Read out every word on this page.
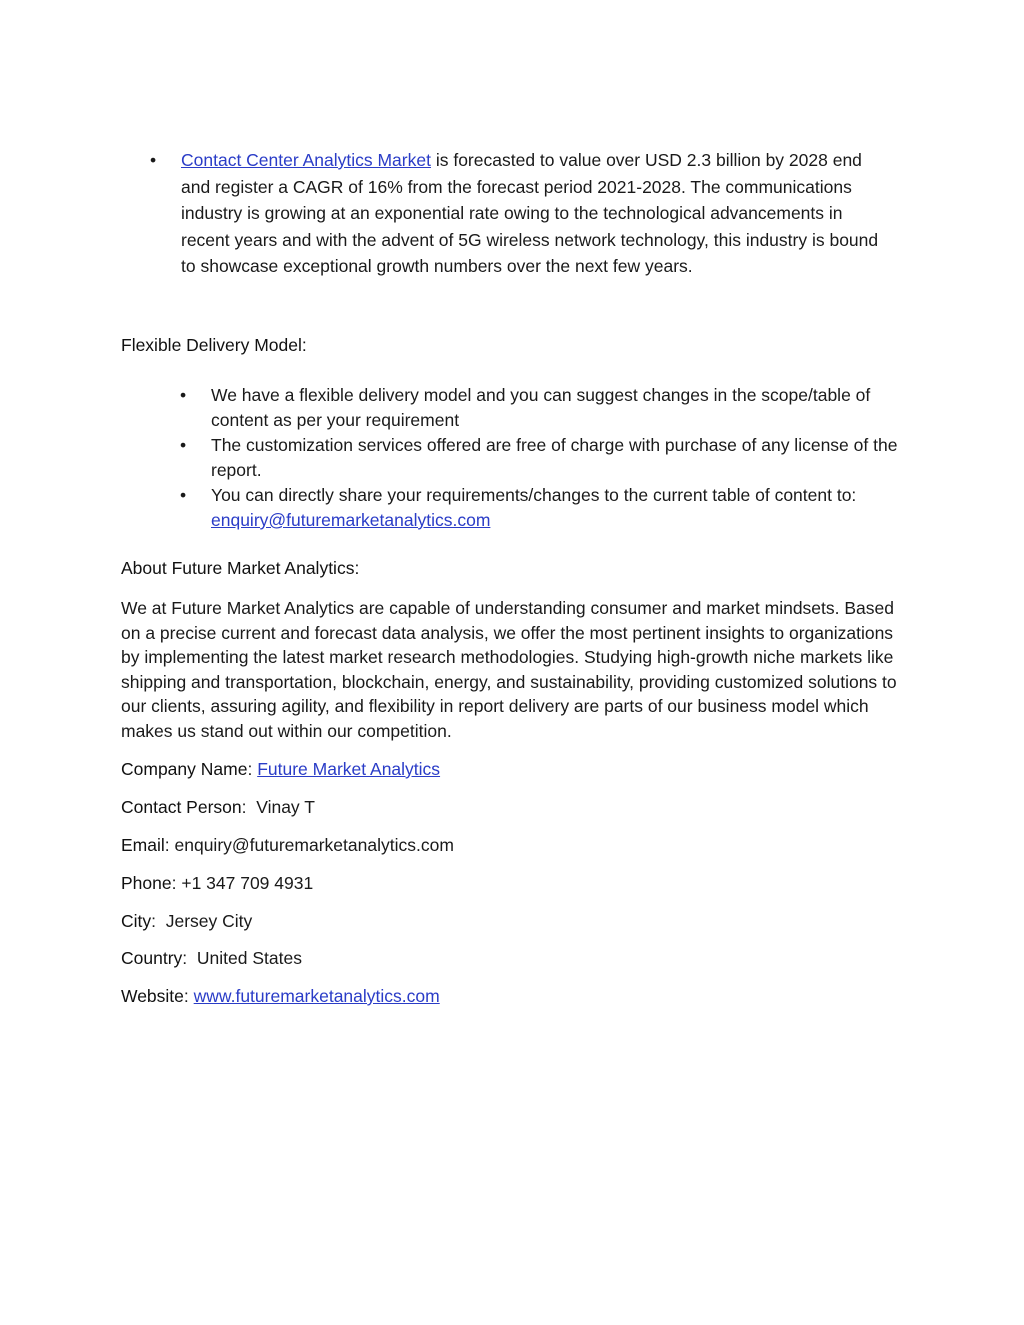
•	Contact Center Analytics Market is forecasted to value over USD 2.3 billion by 2028 end and register a CAGR of 16% from the forecast period 2021-2028. The communications industry is growing at an exponential rate owing to the technological advancements in recent years and with the advent of 5G wireless network technology, this industry is bound to showcase exceptional growth numbers over the next few years.
Flexible Delivery Model:
• We have a flexible delivery model and you can suggest changes in the scope/table of content as per your requirement
• The customization services offered are free of charge with purchase of any license of the report.
• You can directly share your requirements/changes to the current table of content to: enquiry@futuremarketanalytics.com
About Future Market Analytics:

We at Future Market Analytics are capable of understanding consumer and market mindsets. Based on a precise current and forecast data analysis, we offer the most pertinent insights to organizations by implementing the latest market research methodologies. Studying high-growth niche markets like shipping and transportation, blockchain, energy, and sustainability, providing customized solutions to our clients, assuring agility, and flexibility in report delivery are parts of our business model which makes us stand out within our competition.

Company Name: Future Market Analytics
Contact Person:  Vinay T
Email: enquiry@futuremarketanalytics.com
Phone: +1 347 709 4931
City:  Jersey City
Country:  United States
Website: www.futuremarketanalytics.com
